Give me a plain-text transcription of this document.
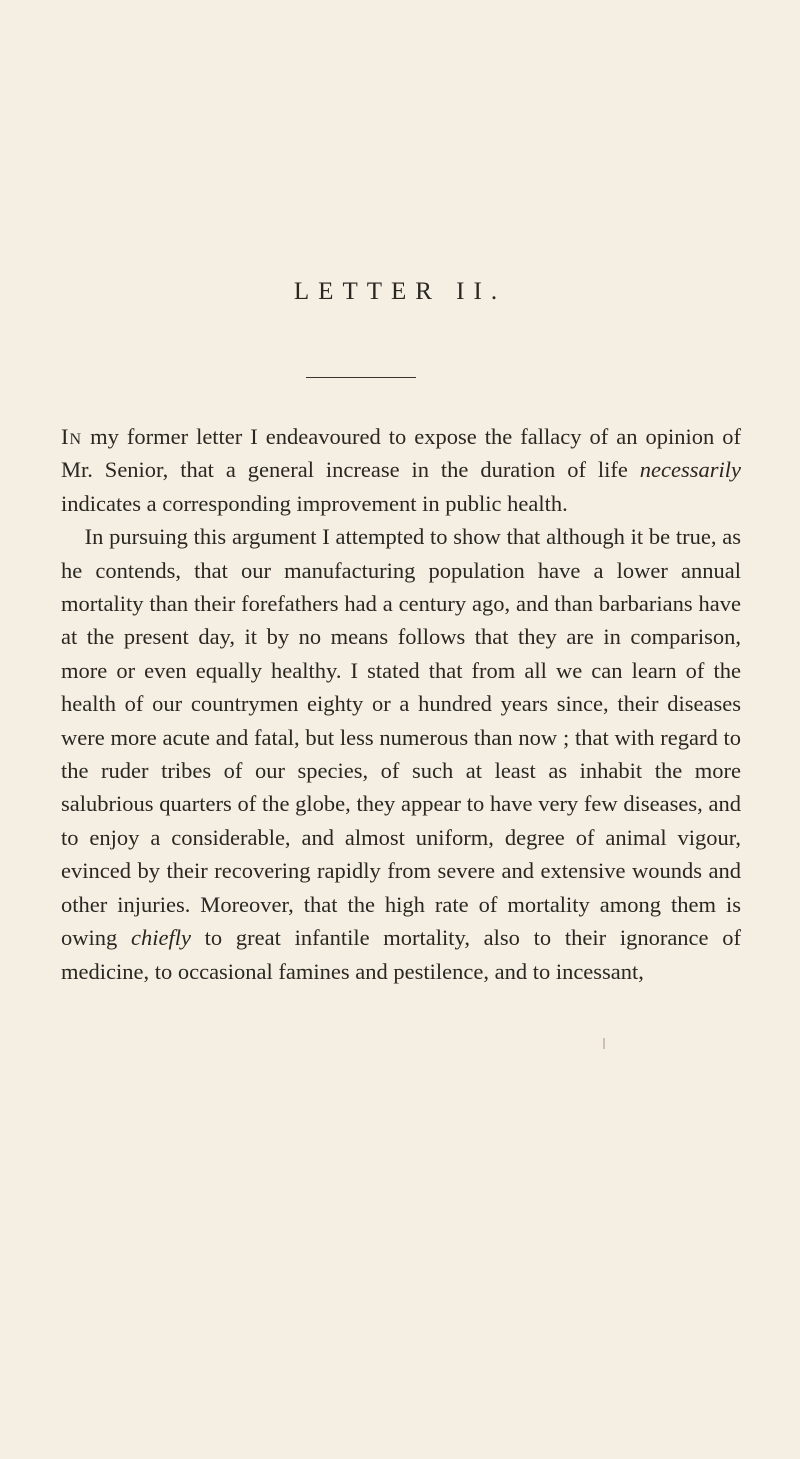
LETTER II.

In my former letter I endeavoured to expose the fallacy of an opinion of Mr. Senior, that a general increase in the duration of life necessarily indicates a corresponding improvement in public health.

In pursuing this argument I attempted to show that although it be true, as he contends, that our manufacturing population have a lower annual mortality than their forefathers had a century ago, and than barbarians have at the present day, it by no means follows that they are in comparison, more or even equally healthy. I stated that from all we can learn of the health of our countrymen eighty or a hundred years since, their diseases were more acute and fatal, but less numerous than now ; that with regard to the ruder tribes of our species, of such at least as inhabit the more salubrious quarters of the globe, they appear to have very few diseases, and to enjoy a considerable, and almost uniform, degree of animal vigour, evinced by their recovering rapidly from severe and extensive wounds and other injuries. Moreover, that the high rate of mortality among them is owing chiefly to great infantile mortality, also to their ignorance of medicine, to occasional famines and pestilence, and to incessant,
